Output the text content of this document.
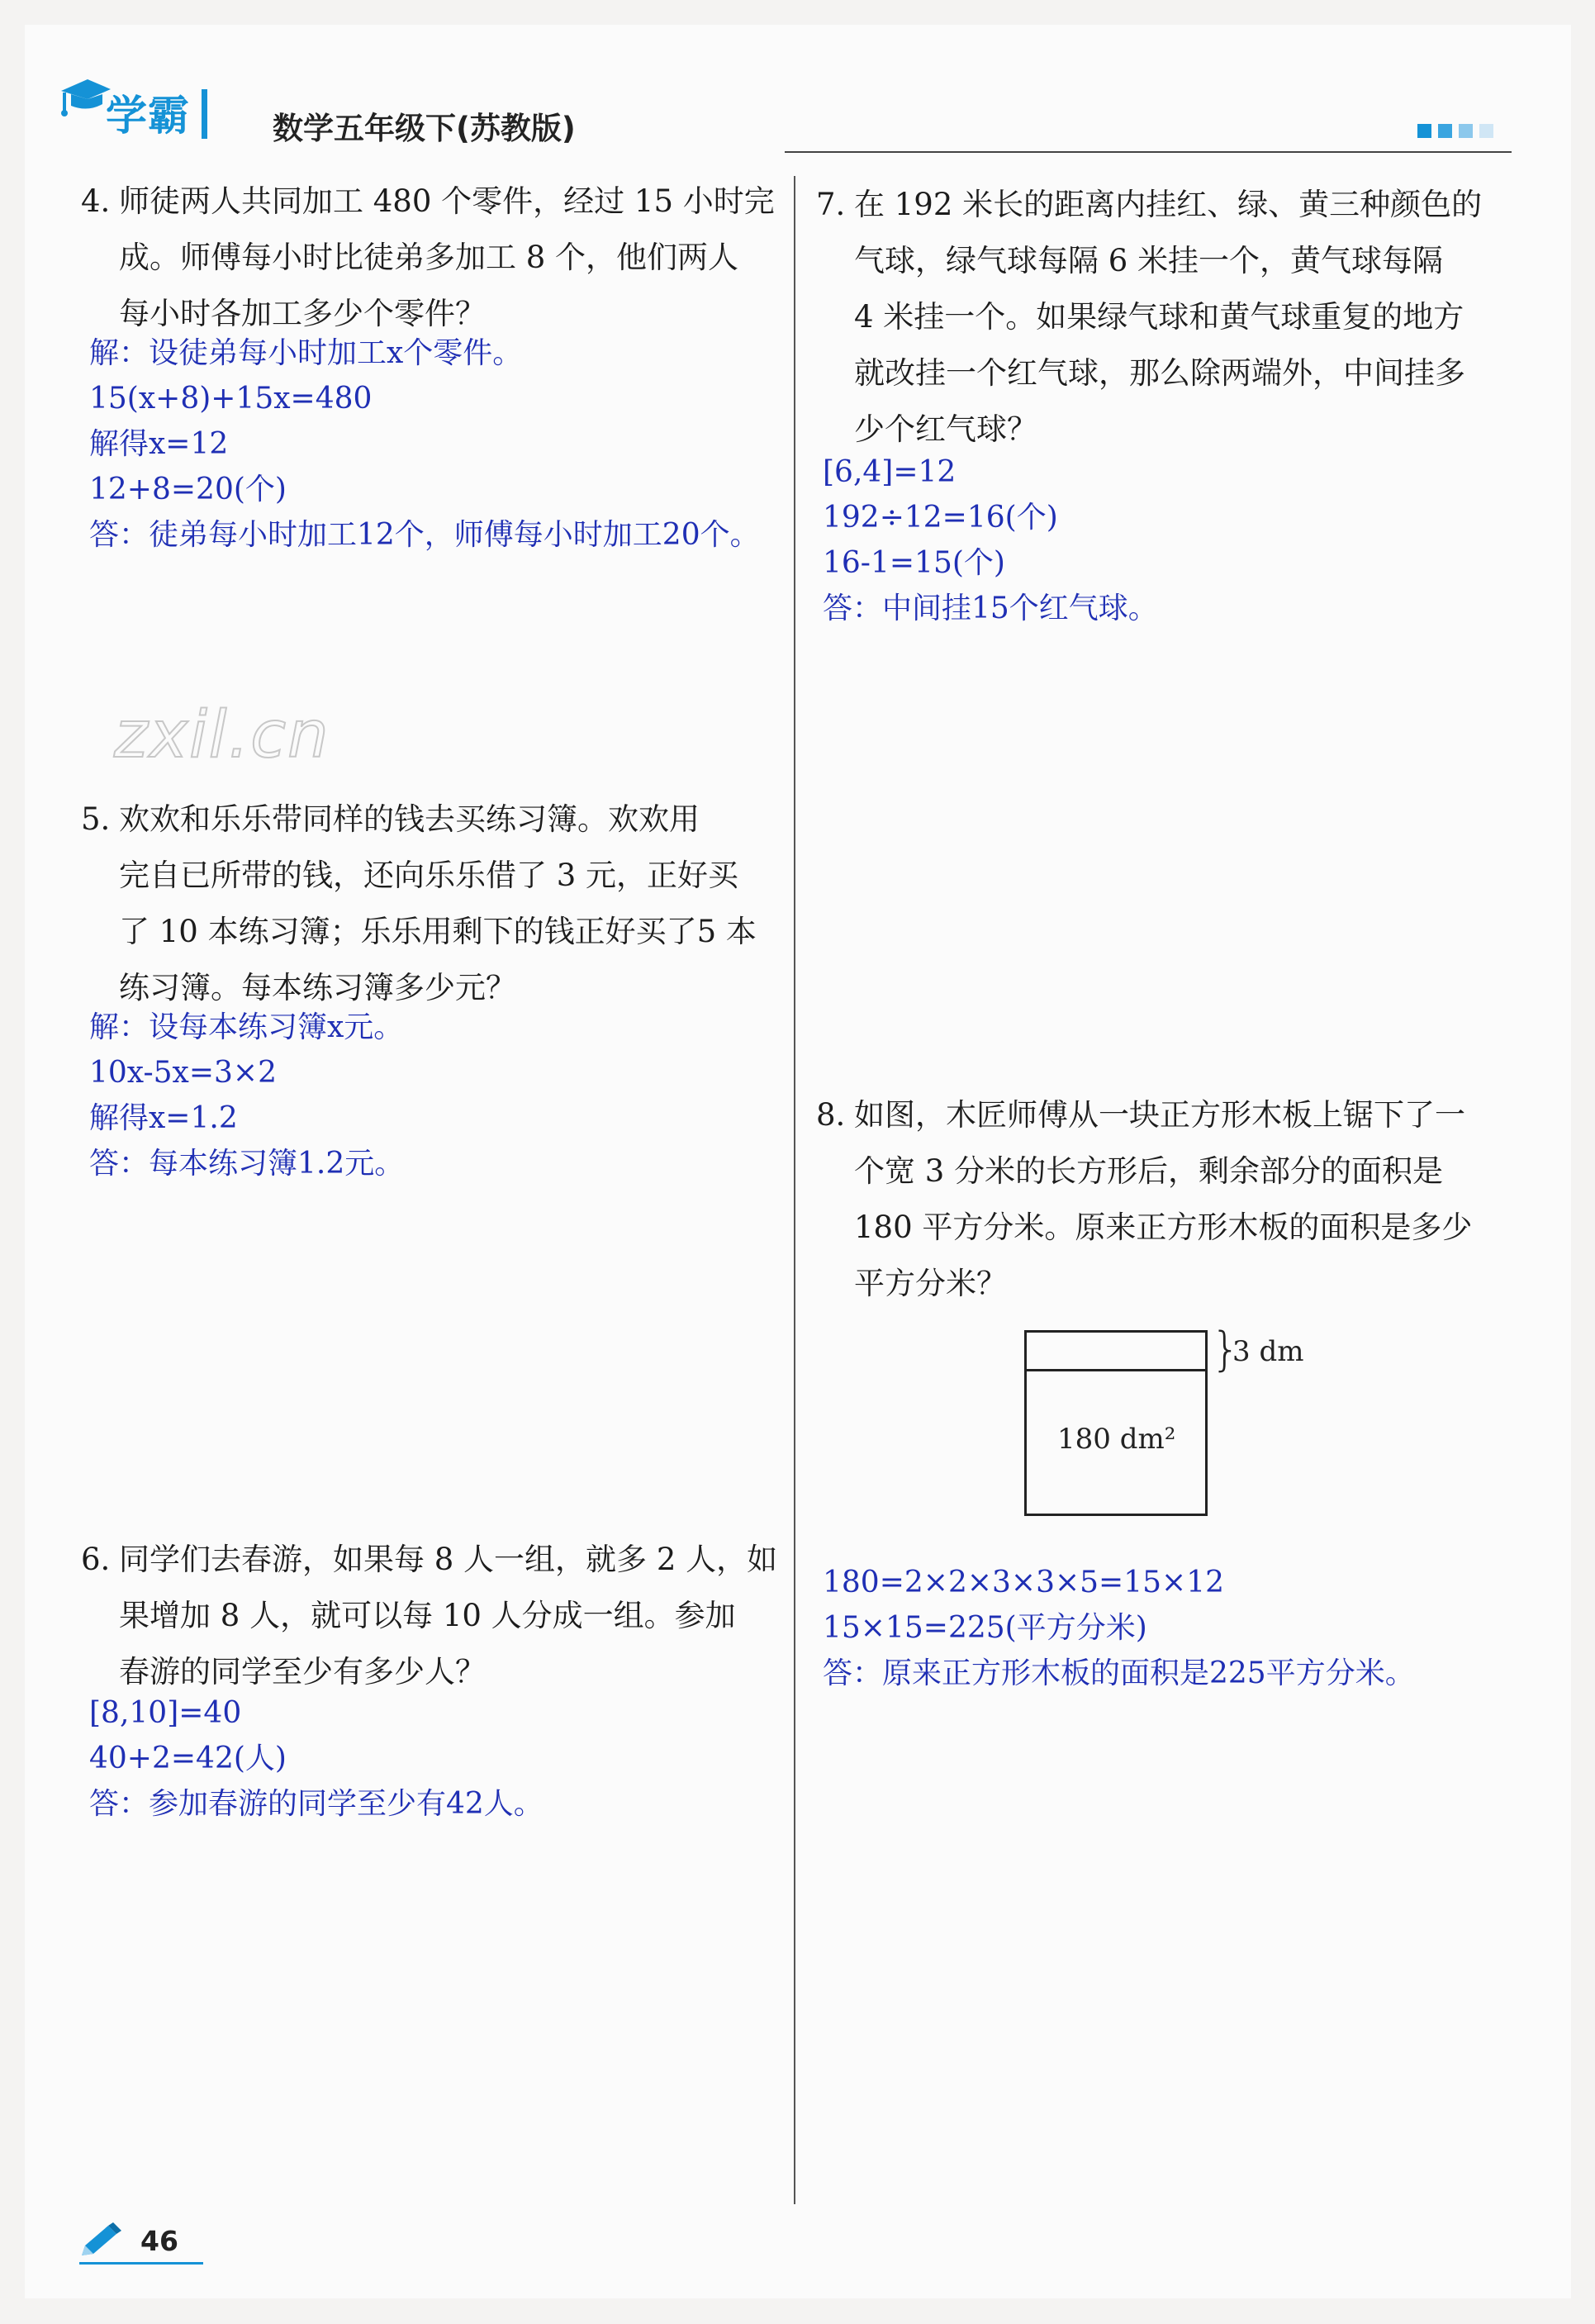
学霸	数学五年级下(苏教版)
4. 师徒两人共同加工 480 个零件，经过 15 小时完

成。师傅每小时比徒弟多加工 8 个，他们两人

每小时各加工多少个零件？

解：设徒弟每小时加工x个零件。
15(x+8)+15x=480
解得x=12
12+8=20(个)
答：徒弟每小时加工12个，师傅每小时加工20个。
zxil.cn
5. 欢欢和乐乐带同样的钱去买练习簿。欢欢用

完自已所带的钱，还向乐乐借了 3 元，正好买

了 10 本练习簿；乐乐用剩下的钱正好买了5 本

练习簿。每本练习簿多少元？

解：设每本练习簿x元。
10x-5x=3×2
解得x=1.2
答：每本练习簿1.2元。
6. 同学们去春游，如果每 8 人一组，就多 2 人，如

果增加 8 人，就可以每 10 人分成一组。参加

春游的同学至少有多少人？

[8,10]=40
40+2=42(人)
答：参加春游的同学至少有42人。
7. 在 192 米长的距离内挂红、绿、黄三种颜色的

气球，绿气球每隔 6 米挂一个，黄气球每隔

4 米挂一个。如果绿气球和黄气球重复的地方

就改挂一个红气球，那么除两端外，中间挂多

少个红气球？

[6,4]=12
192÷12=16(个)
16-1=15(个)
答：中间挂15个红气球。
8. 如图，木匠师傅从一块正方形木板上锯下了一

个宽 3 分米的长方形后，剩余部分的面积是

180 平方分米。原来正方形木板的面积是多少

平方分米？

180 dm²
}
3 dm
180=2×2×3×3×5=15×12
15×15=225(平方分米)
答：原来正方形木板的面积是225平方分米。
46
